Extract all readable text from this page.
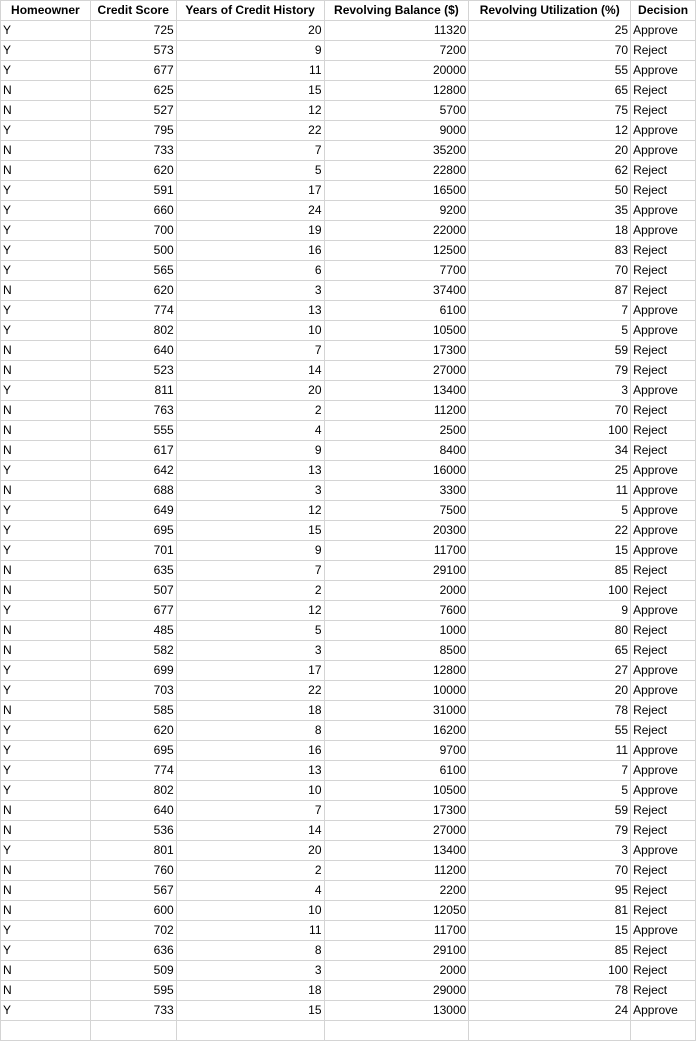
Homeowner	Credit Score	Years of Credit History	Revolving Balance ($)	Revolving Utilization (%)	Decision
Y	725	20	11320	25	Approve
Y	573	9	7200	70	Reject
Y	677	11	20000	55	Approve
N	625	15	12800	65	Reject
N	527	12	5700	75	Reject
Y	795	22	9000	12	Approve
N	733	7	35200	20	Approve
N	620	5	22800	62	Reject
Y	591	17	16500	50	Reject
Y	660	24	9200	35	Approve
Y	700	19	22000	18	Approve
Y	500	16	12500	83	Reject
Y	565	6	7700	70	Reject
N	620	3	37400	87	Reject
Y	774	13	6100	7	Approve
Y	802	10	10500	5	Approve
N	640	7	17300	59	Reject
N	523	14	27000	79	Reject
Y	811	20	13400	3	Approve
N	763	2	11200	70	Reject
N	555	4	2500	100	Reject
N	617	9	8400	34	Reject
Y	642	13	16000	25	Approve
N	688	3	3300	11	Approve
Y	649	12	7500	5	Approve
Y	695	15	20300	22	Approve
Y	701	9	11700	15	Approve
N	635	7	29100	85	Reject
N	507	2	2000	100	Reject
Y	677	12	7600	9	Approve
N	485	5	1000	80	Reject
N	582	3	8500	65	Reject
Y	699	17	12800	27	Approve
Y	703	22	10000	20	Approve
N	585	18	31000	78	Reject
Y	620	8	16200	55	Reject
Y	695	16	9700	11	Approve
Y	774	13	6100	7	Approve
Y	802	10	10500	5	Approve
N	640	7	17300	59	Reject
N	536	14	27000	79	Reject
Y	801	20	13400	3	Approve
N	760	2	11200	70	Reject
N	567	4	2200	95	Reject
N	600	10	12050	81	Reject
Y	702	11	11700	15	Approve
Y	636	8	29100	85	Reject
N	509	3	2000	100	Reject
N	595	18	29000	78	Reject
Y	733	15	13000	24	Approve
